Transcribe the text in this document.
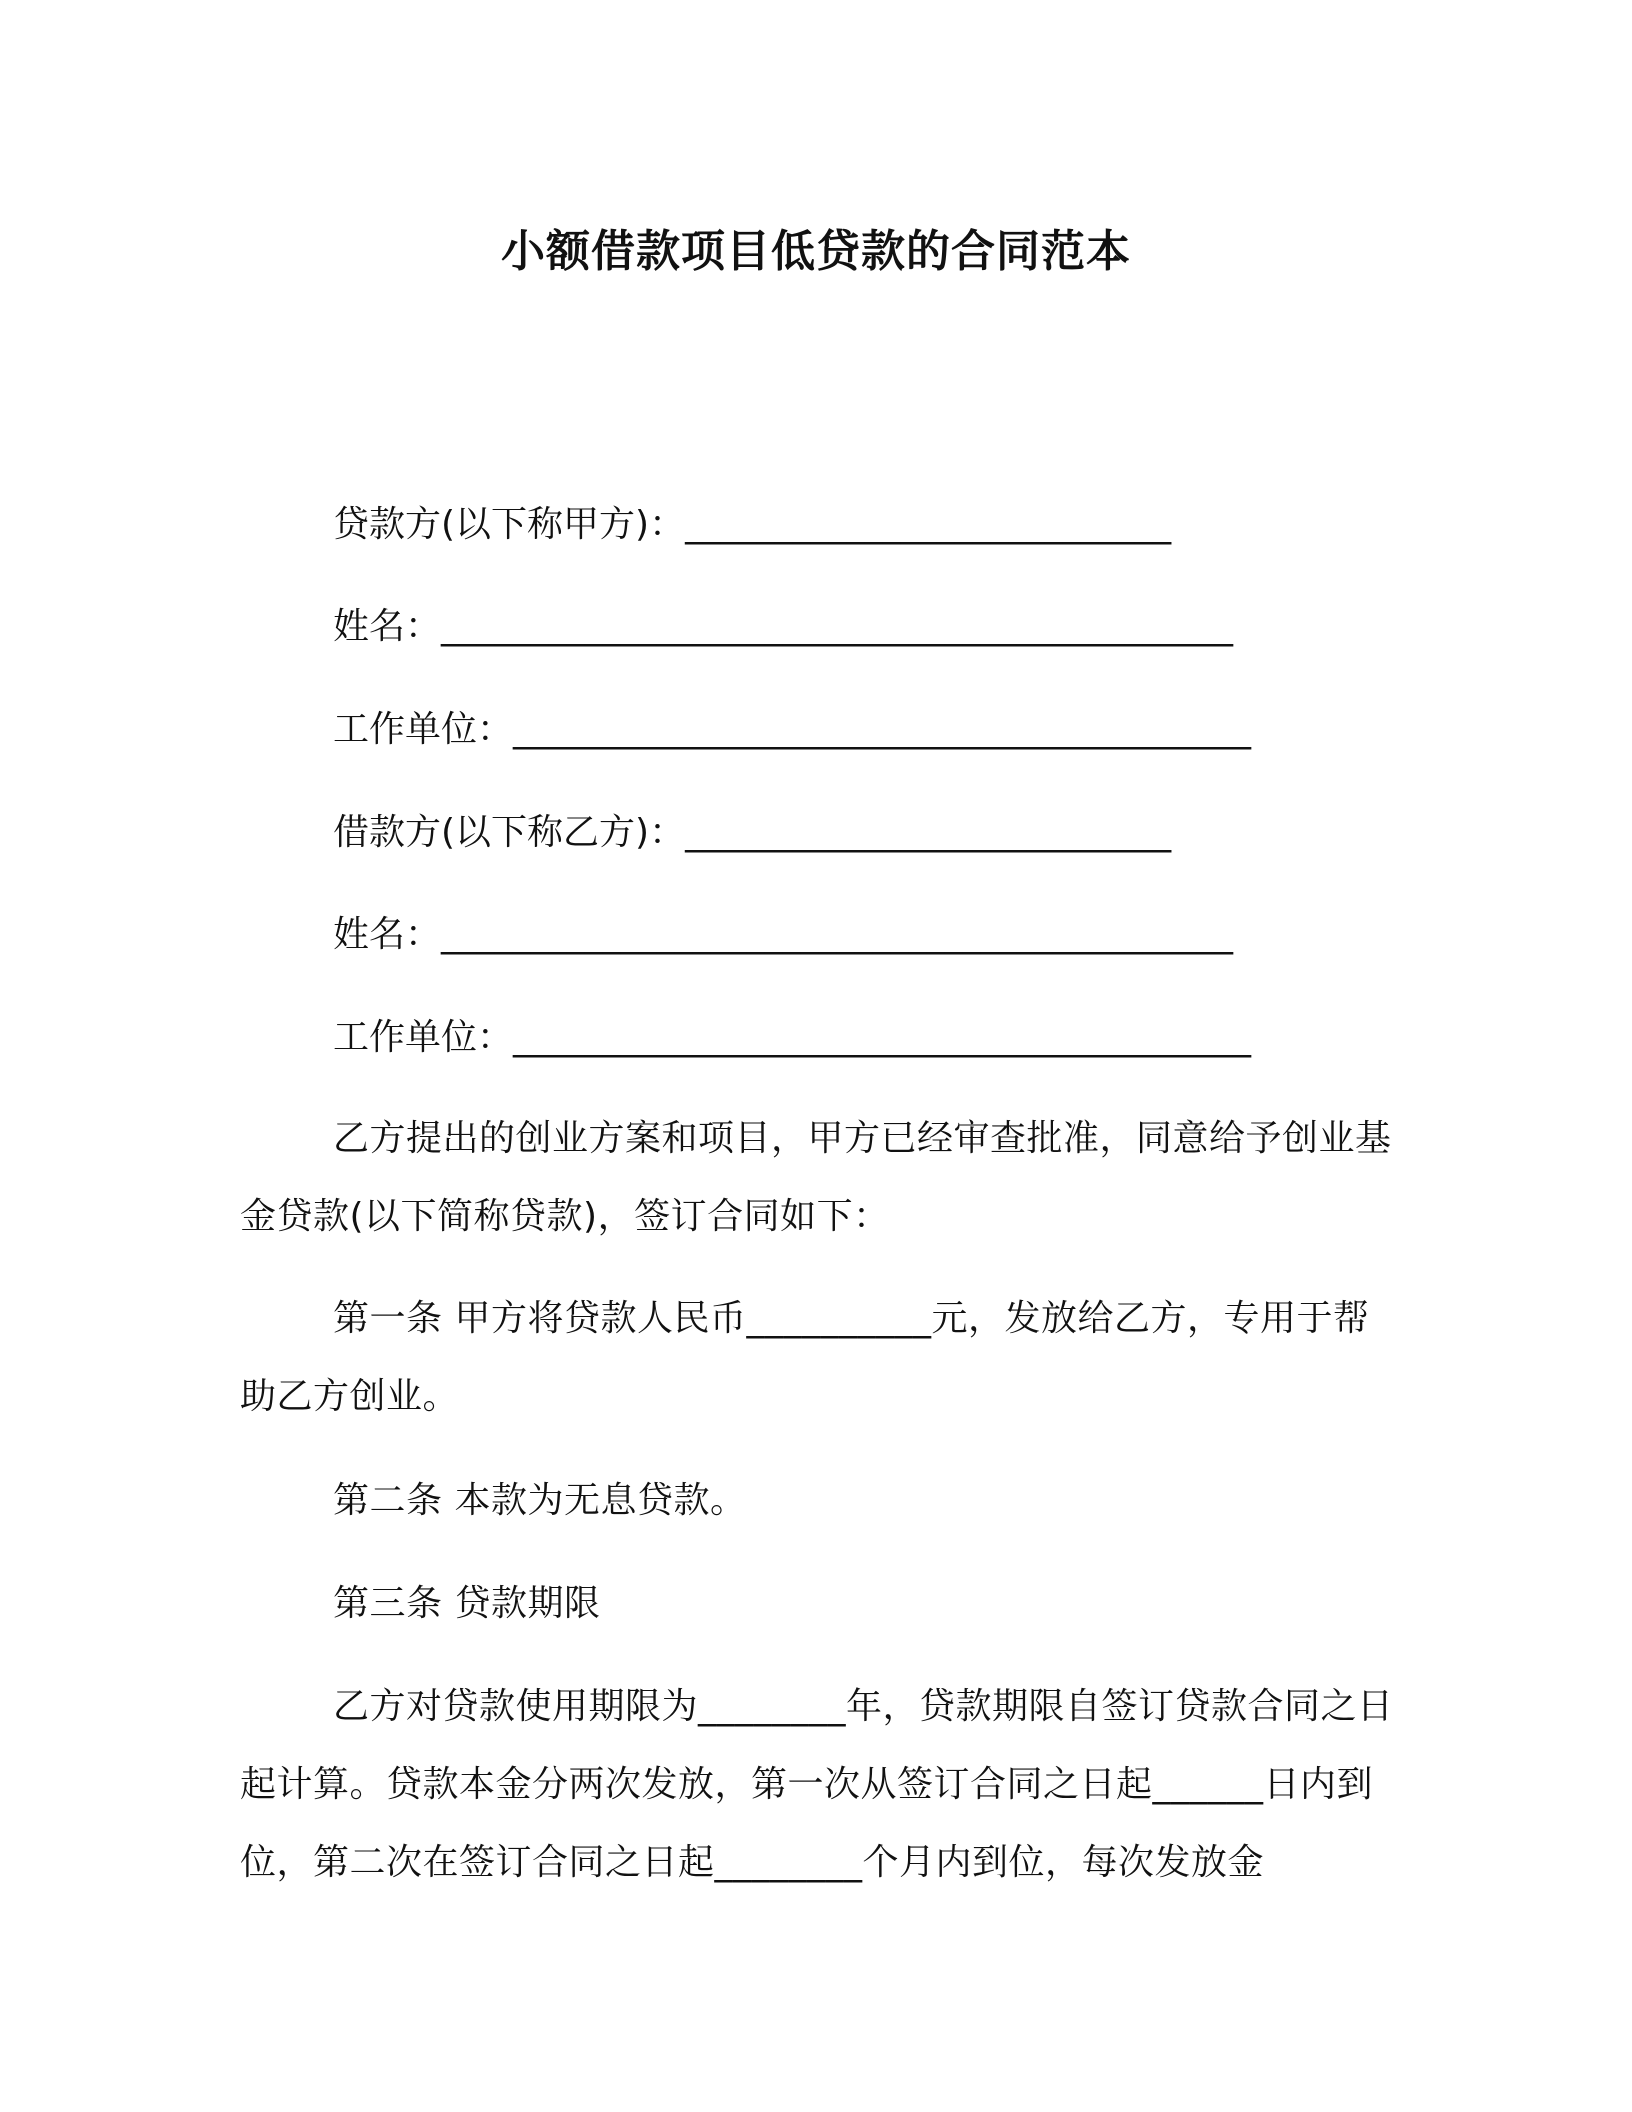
小额借款项目低贷款的合同范本
贷款方(以下称甲方)：___________________________
姓名：____________________________________________
工作单位：_________________________________________
借款方(以下称乙方)：___________________________
姓名：____________________________________________
工作单位：_________________________________________
乙方提出的创业方案和项目，甲方已经审查批准，同意给予创业基金贷款(以下简称贷款)，签订合同如下：
第一条 甲方将贷款人民币__________元，发放给乙方，专用于帮助乙方创业。
第二条 本款为无息贷款。
第三条 贷款期限
乙方对贷款使用期限为________年，贷款期限自签订贷款合同之日起计算。贷款本金分两次发放，第一次从签订合同之日起______日内到位，第二次在签订合同之日起________个月内到位，每次发放金
